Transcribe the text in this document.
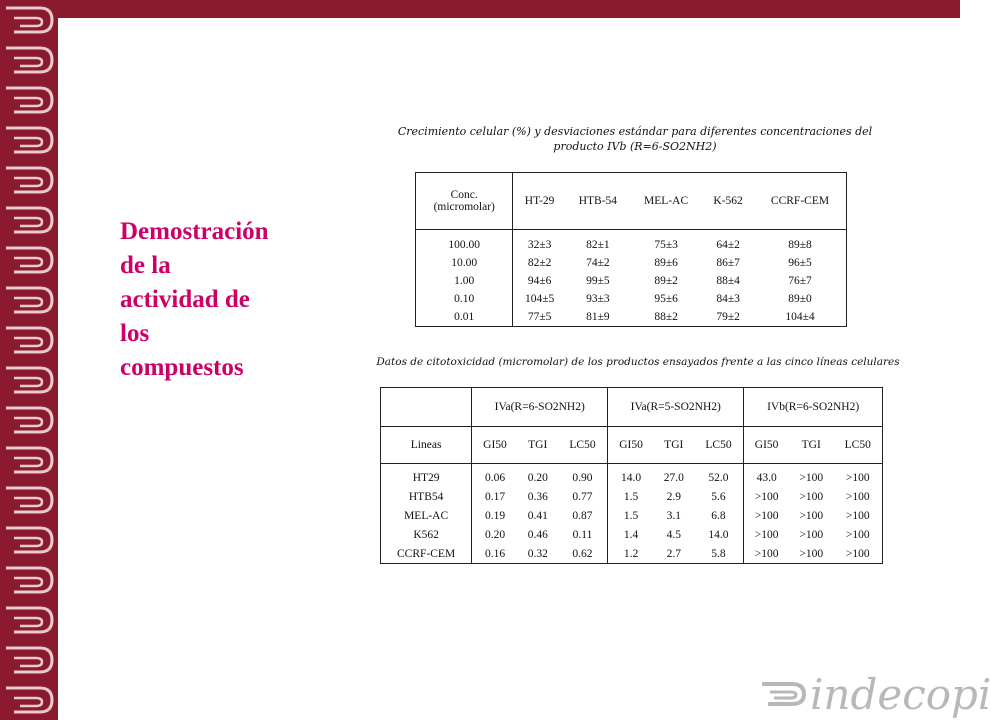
Demostración
de la
actividad de
los
compuestos
Crecimiento celular (%) y desviaciones estándar para diferentes concentraciones del
producto IVb (R=6-SO2NH2)
Conc.
(micromolar)	HT-29	HTB-54	MEL-AC	K-562	CCRF-CEM
100.00	32±3	82±1	75±3	64±2	89±8
10.00	82±2	74±2	89±6	86±7	96±5
1.00	94±6	99±5	89±2	88±4	76±7
0.10	104±5	93±3	95±6	84±3	89±0
0.01	77±5	81±9	88±2	79±2	104±4
Datos de citotoxicidad (micromolar) de los productos ensayados frente a las cinco líneas celulares
	IVa(R=6-SO2NH2)			IVa(R=5-SO2NH2)			IVb(R=6-SO2NH2)		
Lineas	GI50	TGI	LC50	GI50	TGI	LC50	GI50	TGI	LC50
HT29	0.06	0.20	0.90	14.0	27.0	52.0	43.0	>100	>100
HTB54	0.17	0.36	0.77	1.5	2.9	5.6	>100	>100	>100
MEL-AC	0.19	0.41	0.87	1.5	3.1	6.8	>100	>100	>100
K562	0.20	0.46	0.11	1.4	4.5	14.0	>100	>100	>100
CCRF-CEM	0.16	0.32	0.62	1.2	2.7	5.8	>100	>100	>100
indecopi
